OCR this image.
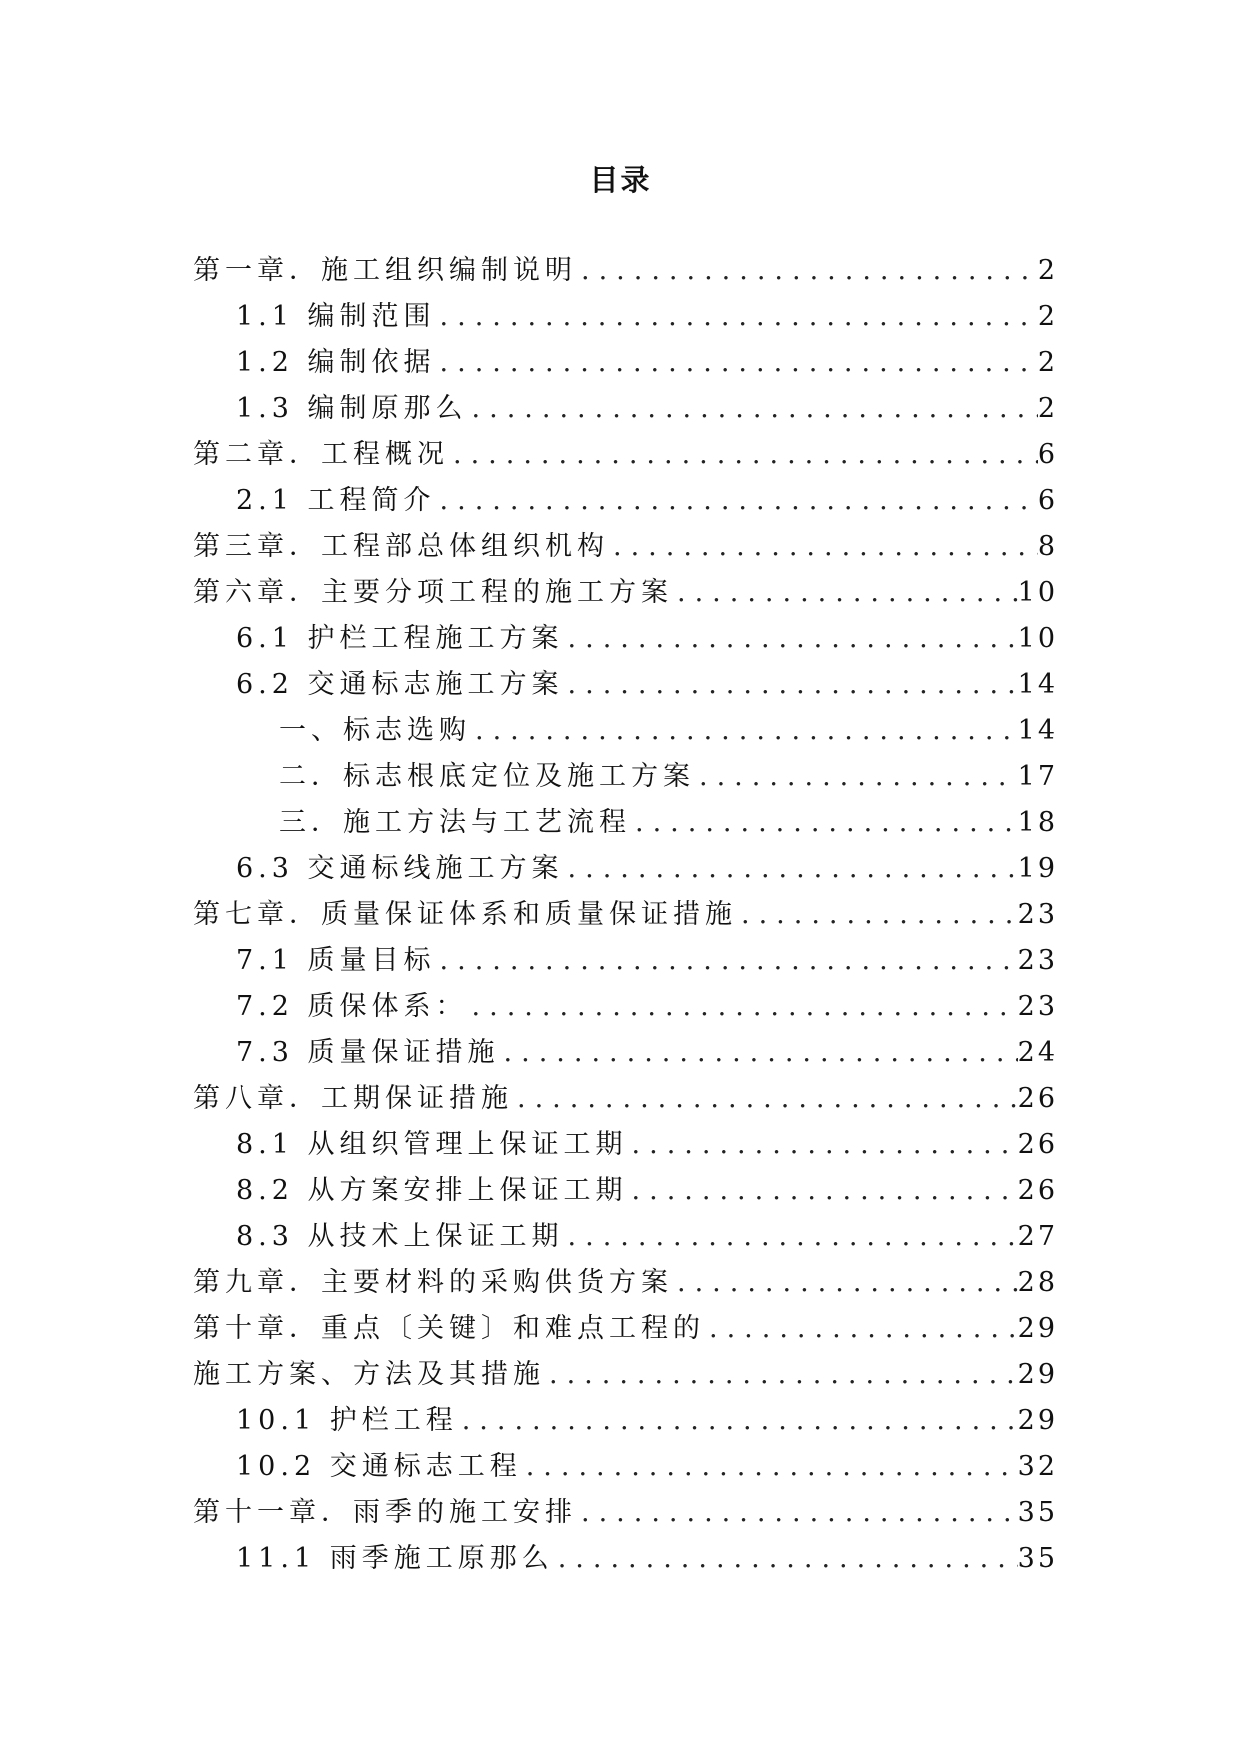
目录
第一章．施工组织编制说明 .....	2
1.1 编制范围 .....	2
1.2 编制依据 .....	2
1.3 编制原那么 .....	2
第二章．工程概况 .....	6
2.1 工程简介 .....	6
第三章．工程部总体组织机构 .....	8
第六章．主要分项工程的施工方案 .....	10
6.1 护栏工程施工方案 .....	10
6.2 交通标志施工方案 .....	14
一、标志选购 .....	14
二．标志根底定位及施工方案 .....	17
三．施工方法与工艺流程 .....	18
6.3 交通标线施工方案 .....	19
第七章．质量保证体系和质量保证措施 .....	23
7.1 质量目标 .....	23
7.2 质保体系： .....	23
7.3 质量保证措施 .....	24
第八章．工期保证措施 .....	26
8.1 从组织管理上保证工期 .....	26
8.2 从方案安排上保证工期 .....	26
8.3 从技术上保证工期 .....	27
第九章．主要材料的采购供货方案 .....	28
第十章．重点〔关键〕和难点工程的 .....	29
施工方案、方法及其措施 .....	29
10.1 护栏工程 .....	29
10.2 交通标志工程 .....	32
第十一章．雨季的施工安排 .....	35
11.1 雨季施工原那么 .....	35
